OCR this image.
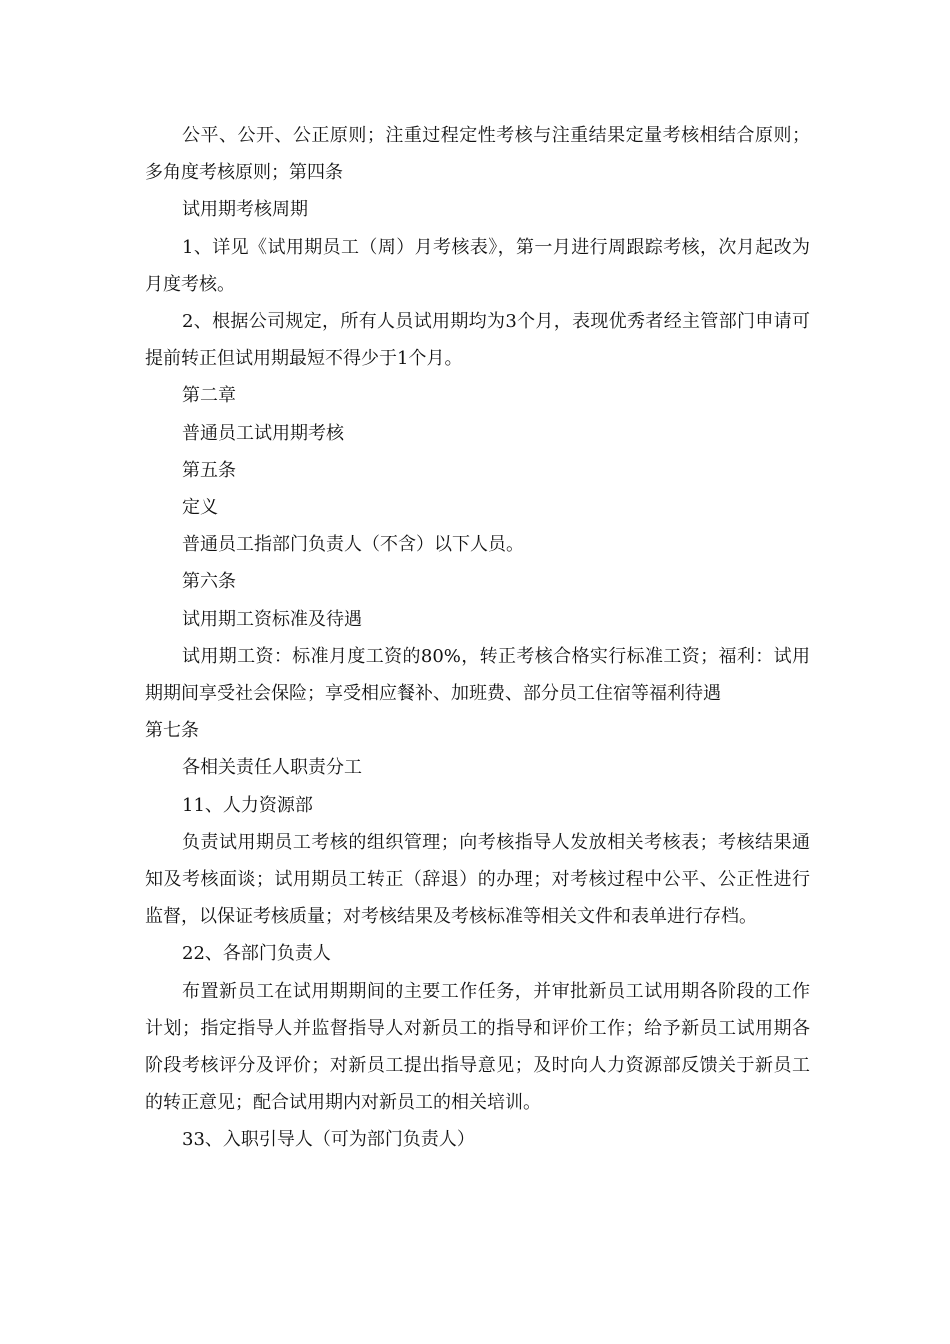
公平、公开、公正原则；注重过程定性考核与注重结果定量考核相结合原则；多角度考核原则；第四条

试用期考核周期

1、详见《试用期员工（周）月考核表》，第一月进行周跟踪考核，次月起改为月度考核。

2、根据公司规定，所有人员试用期均为3个月，表现优秀者经主管部门申请可提前转正但试用期最短不得少于1个月。

第二章

普通员工试用期考核

第五条

定义

普通员工指部门负责人（不含）以下人员。

第六条

试用期工资标准及待遇

试用期工资：标准月度工资的80%，转正考核合格实行标准工资；福利：试用期期间享受社会保险；享受相应餐补、加班费、部分员工住宿等福利待遇

第七条

各相关责任人职责分工

11、人力资源部

负责试用期员工考核的组织管理；向考核指导人发放相关考核表；考核结果通知及考核面谈；试用期员工转正（辞退）的办理；对考核过程中公平、公正性进行监督，以保证考核质量；对考核结果及考核标准等相关文件和表单进行存档。

22、各部门负责人

布置新员工在试用期期间的主要工作任务，并审批新员工试用期各阶段的工作计划；指定指导人并监督指导人对新员工的指导和评价工作；给予新员工试用期各阶段考核评分及评价；对新员工提出指导意见；及时向人力资源部反馈关于新员工的转正意见；配合试用期内对新员工的相关培训。

33、入职引导人（可为部门负责人）
